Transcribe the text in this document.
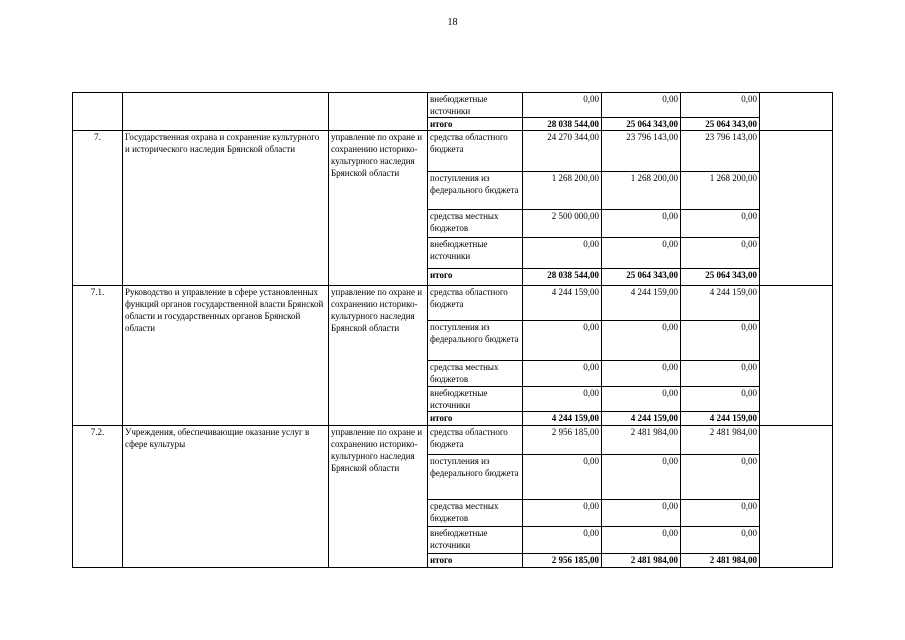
18
			внебюджетные источники	0,00	0,00	0,00	
			итого	28 038 544,00	25 064 343,00	25 064 343,00	
7.	Государственная охрана и сохранение культурного и исторического наследия Брянской области	управление по охране и сохранению историко-культурного наследия Брянской области	средства областного бюджета	24 270 344,00	23 796 143,00	23 796 143,00	
			поступления из федерального бюджета	1 268 200,00	1 268 200,00	1 268 200,00	
			средства местных бюджетов	2 500 000,00	0,00	0,00	
			внебюджетные источники	0,00	0,00	0,00	
			итого	28 038 544,00	25 064 343,00	25 064 343,00	
7.1.	Руководство и управление в сфере установленных функций органов государственной власти Брянской области и государственных органов Брянской области	управление по охране и сохранению историко-культурного наследия Брянской области	средства областного бюджета	4 244 159,00	4 244 159,00	4 244 159,00	
			поступления из федерального бюджета	0,00	0,00	0,00	
			средства местных бюджетов	0,00	0,00	0,00	
			внебюджетные источники	0,00	0,00	0,00	
			итого	4 244 159,00	4 244 159,00	4 244 159,00	
7.2.	Учреждения, обеспечивающие оказание услуг в сфере культуры	управление по охране и сохранению историко-культурного наследия Брянской области	средства областного бюджета	2 956 185,00	2 481 984,00	2 481 984,00	
			поступления из федерального бюджета	0,00	0,00	0,00	
			средства местных бюджетов	0,00	0,00	0,00	
			внебюджетные источники	0,00	0,00	0,00	
			итого	2 956 185,00	2 481 984,00	2 481 984,00	
